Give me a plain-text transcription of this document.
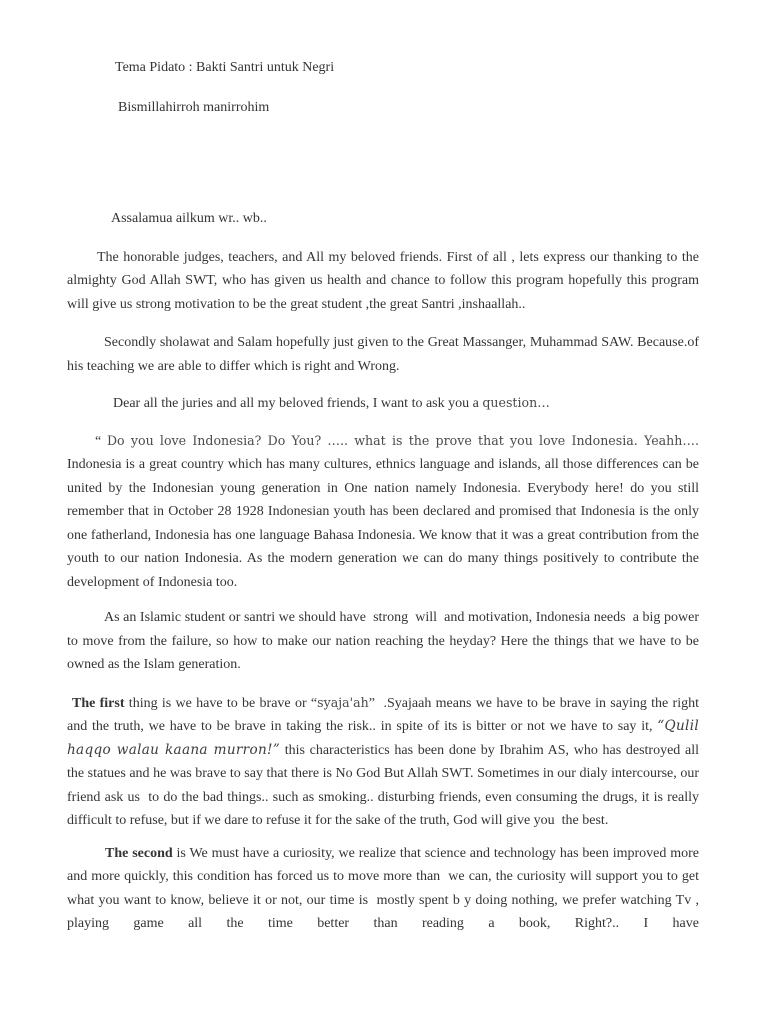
Tema Pidato : Bakti Santri untuk Negri
Bismillahirroh manirrohim
Assalamua ailkum wr.. wb..
The honorable judges, teachers, and All my beloved friends. First of all , lets express our thanking to the almighty God Allah SWT, who has given us health and chance to follow this program hopefully this program will give us strong motivation to be the great student ,the great Santri ,inshaallah..
Secondly sholawat and Salam hopefully just given to the Great Massanger, Muhammad SAW. Because.of his teaching we are able to differ which is right and Wrong.
Dear all the juries and all my beloved friends, I want to ask you a question…
“ Do you love Indonesia? Do You? ….. what is the prove that you love Indonesia. Yeahh…. Indonesia is a great country which has many cultures, ethnics language and islands, all those differences can be united by the Indonesian young generation in One nation namely Indonesia. Everybody here! do you still remember that in October 28 1928 Indonesian youth has been declared and promised that Indonesia is the only one fatherland, Indonesia has one language Bahasa Indonesia. We know that it was a great contribution from the youth to our nation Indonesia. As the modern generation we can do many things positively to contribute the development of Indonesia too.
As an Islamic student or santri we should have  strong  will  and motivation, Indonesia needs  a big power to move from the failure, so how to make our nation reaching the heyday? Here the things that we have to be owned as the Islam generation.
The first thing is we have to be brave or “syaja'ah”  .Syajaah means we have to be brave in saying the right and the truth, we have to be brave in taking the risk.. in spite of its is bitter or not we have to say it, “Qulil haqqo walau kaana murron!” this characteristics has been done by Ibrahim AS, who has destroyed all the statues and he was brave to say that there is No God But Allah SWT. Sometimes in our dialy intercourse, our friend ask us  to do the bad things.. such as smoking.. disturbing friends, even consuming the drugs, it is really difficult to refuse, but if we dare to refuse it for the sake of the truth, God will give you  the best.
The second is We must have a curiosity, we realize that science and technology has been improved more and more quickly, this condition has forced us to move more than  we can, the curiosity will support you to get what you want to know, believe it or not, our time is  mostly spent b y doing nothing, we prefer watching Tv , playing game all the time better than reading a book, Right?.. I have
